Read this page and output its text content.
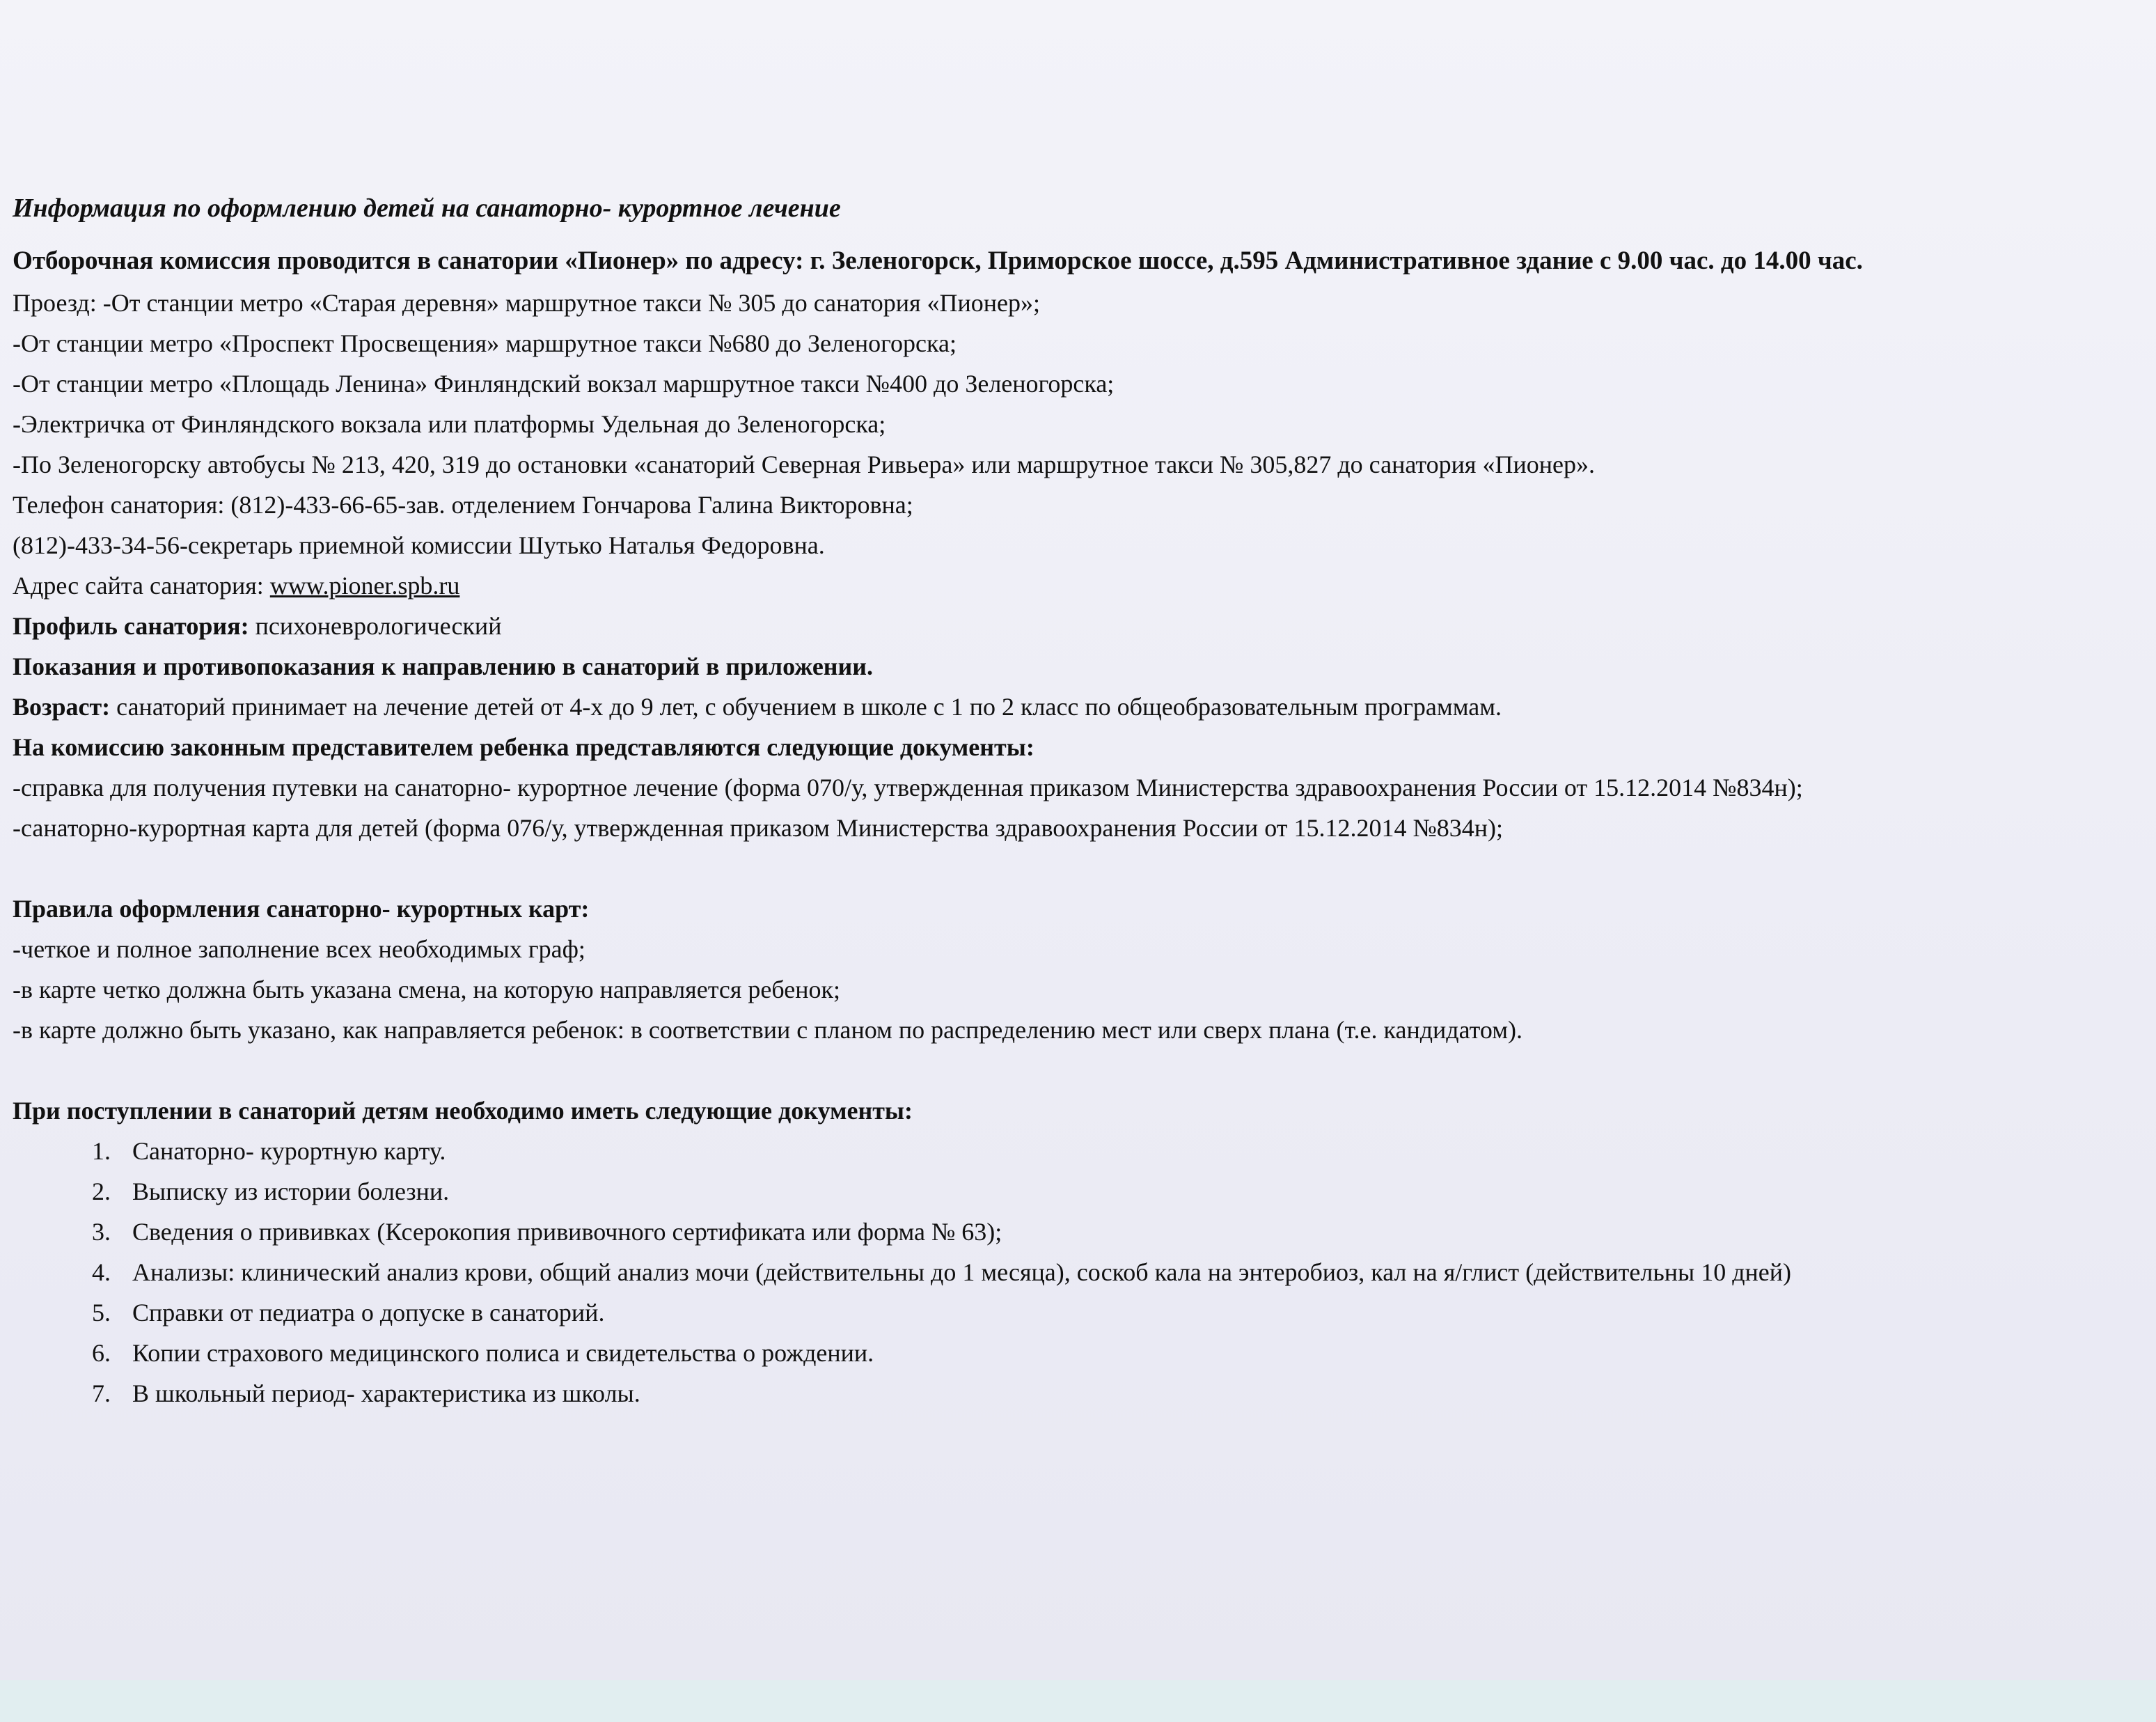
Информация по оформлению детей на санаторно- курортное лечение

Отборочная комиссия проводится в санатории «Пионер» по адресу: г. Зеленогорск, Приморское шоссе, д.595 Административное здание с 9.00 час. до 14.00 час.

Проезд: -От станции метро «Старая деревня» маршрутное такси № 305 до санатория «Пионер»;

-От станции метро «Проспект Просвещения» маршрутное такси №680 до Зеленогорска;

-От станции метро «Площадь Ленина» Финляндский вокзал маршрутное такси №400 до Зеленогорска;

-Электричка от Финляндского вокзала или платформы Удельная до Зеленогорска;

-По Зеленогорску автобусы № 213, 420, 319 до остановки «санаторий Северная Ривьера» или маршрутное такси № 305,827 до санатория «Пионер».

Телефон санатория: (812)-433-66-65-зав. отделением Гончарова Галина Викторовна;

(812)-433-34-56-секретарь приемной комиссии Шутько Наталья Федоровна.

Адрес сайта санатория: www.pioner.spb.ru

Профиль санатория: психоневрологический

Показания и противопоказания к направлению в санаторий в приложении.

Возраст: санаторий принимает на лечение детей от 4-х до 9 лет, с обучением в школе с 1 по 2 класс по общеобразовательным программам.

На комиссию законным представителем ребенка представляются следующие документы:

-справка для получения путевки на санаторно- курортное лечение (форма 070/у, утвержденная приказом Министерства здравоохранения России от 15.12.2014 №834н);

-санаторно-курортная карта для детей (форма 076/у, утвержденная приказом Министерства здравоохранения России от 15.12.2014 №834н);

Правила оформления санаторно- курортных карт:

-четкое и полное заполнение всех необходимых граф;

-в карте четко должна быть указана смена, на которую направляется ребенок;

-в карте должно быть указано, как направляется ребенок: в соответствии с планом по распределению мест или сверх плана (т.е. кандидатом).

При поступлении в санаторий детям необходимо иметь следующие документы:

1. Санаторно- курортную карту.
2. Выписку из истории болезни.
3. Сведения о прививках (Ксерокопия прививочного сертификата или форма № 63);
4. Анализы: клинический анализ крови, общий анализ мочи (действительны до 1 месяца), соскоб кала на энтеробиоз, кал на я/глист (действительны 10 дней)
5. Справки от педиатра о допуске в санаторий.
6. Копии страхового медицинского полиса и свидетельства о рождении.
7. В школьный период- характеристика из школы.
